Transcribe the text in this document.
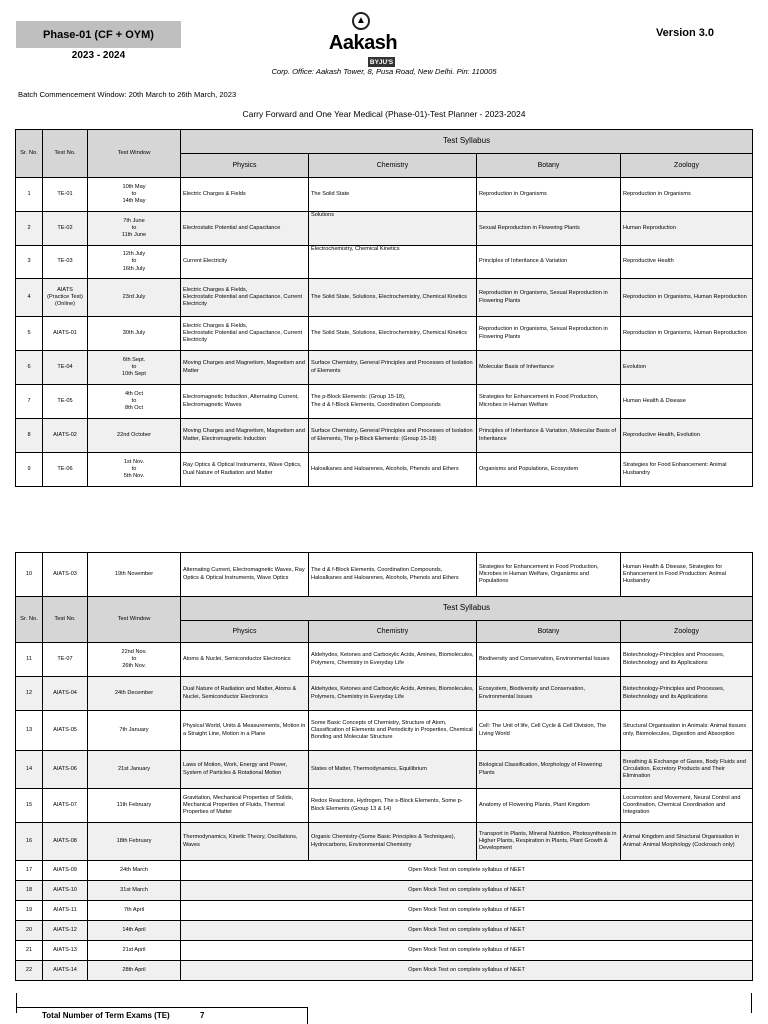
Phase-01 (CF + OYM)
2023 - 2024
Version 3.0
▲
Aakash
BYJU'S
Corp. Office: Aakash Tower, 8, Pusa Road, New Delhi. Pin: 110005
Batch Commencement Window: 20th March to 26th March, 2023
Carry Forward and One Year Medical (Phase-01)-Test Planner - 2023-2024
Sr. No.	Test No.	Test Window	Test Syllabus			
			Physics	Chemistry	Botany	Zoology

1	TE-01	10th May
to
14th May	Electric Charges & Fields	The Solid State	Reproduction in Organisms	Reproduction in Organisms

2	TE-02	7th June
to
11th June	Electrostatic Potential and Capacitance	Solutions	Sexual Reproduction in Flowering Plants	Human Reproduction

3	TE-03	12th July
to
16th July	Current Electricity	Electrochemistry, Chemical Kinetics	Principles of Inheritance & Variation	Reproductive Health

4	AIATS
(Practice Test)
(Online)	23rd July	Electric Charges & Fields,
Electrostatic Potential and Capacitance, Current Electricity	The Solid State, Solutions, Electrochemistry, Chemical Kinetics	Reproduction in Organisms, Sexual Reproduction in Flowering Plants	Reproduction in Organisms, Human Reproduction

5	AIATS-01	30th July	Electric Charges & Fields,
Electrostatic Potential and Capacitance, Current Electricity	The Solid State, Solutions, Electrochemistry, Chemical Kinetics	Reproduction in Organisms, Sexual Reproduction in Flowering Plants	Reproduction in Organisms, Human Reproduction

6	TE-04	6th Sept.
to
10th Sept	Moving Charges and Magnetism, Magnetism and Matter	Surface Chemistry, General Principles and Processes of Isolation of Elements	Molecular Basis of Inheritance	Evolution

7	TE-05	4th Oct
to
8th Oct	Electromagnetic Induction, Alternating Current, Electromagnetic Waves	The p-Block Elements: (Group 15-18),
The d & f-Block Elements, Coordination Compounds	Strategies for Enhancement in Food Production, Microbes in Human Welfare	Human Health & Disease

8	AIATS-02	22nd October	Moving Charges and Magnetism, Magnetism and Matter, Electromagnetic Induction	Surface Chemistry, General Principles and Processes of Isolation of Elements, The p-Block Elements: (Group 15-18)	Principles of Inheritance & Variation, Molecular Basis of Inheritance	Reproductive Health, Evolution

9	TE-06	1st Nov.
to
5th Nov.	Ray Optics & Optical Instruments, Wave Optics, Dual Nature of Radiation and Matter	Haloalkanes and Haloarenes, Alcohols, Phenols and Ethers	Organisms and Populations, Ecosystem	Strategies for Food Enhancement: Animal Husbandry
10	AIATS-03	19th November	Alternating Current, Electromagnetic Waves, Ray Optics & Optical Instruments, Wave Optics	The d & f-Block Elements, Coordination Compounds, Haloalkanes and Haloarenes, Alcohols, Phenols and Ethers	Strategies for Enhancement in Food Production, Microbes in Human Welfare, Organisms and Populations	Human Health & Disease, Strategies for Enhancement in Food Production: Animal Husbandry

Sr. No.	Test No.	Test Window	Test Syllabus			
			Physics	Chemistry	Botany	Zoology

11	TE-07	22nd Nov.
to
26th Nov.	Atoms & Nuclei, Semiconductor Electronics	Aldehydes, Ketones and Carboxylic Acids, Amines, Biomolecules, Polymers, Chemistry in Everyday Life	Biodiversity and Conservation, Environmental Issues	Biotechnology-Principles and Processes, Biotechnology and its Applications

12	AIATS-04	24th December	Dual Nature of Radiation and Matter, Atoms & Nuclei, Semiconductor Electronics	Aldehydes, Ketones and Carboxylic Acids, Amines, Biomolecules, Polymers, Chemistry in Everyday Life	Ecosystem, Biodiversity and Conservation, Environmental Issues	Biotechnology-Principles and Processes, Biotechnology and its Applications

13	AIATS-05	7th January	Physical World, Units & Measurements, Motion in a Straight Line, Motion in a Plane	Some Basic Concepts of Chemistry, Structure of Atom, Classification of Elements and Periodicity in Properties, Chemical Bonding and Molecular Structure	Cell: The Unit of life, Cell Cycle & Cell Division, The Living World	Structural Organisation in Animals: Animal tissues only, Biomolecules, Digestion and Absorption

14	AIATS-06	21st January	Laws of Motion, Work, Energy and Power, System of Particles & Rotational Motion	States of Matter, Thermodynamics, Equilibrium	Biological Classification, Morphology of Flowering Plants	Breathing & Exchange of Gases, Body Fluids and Circulation, Excretory Products and Their Elimination

15	AIATS-07	11th February	Gravitation, Mechanical Properties of Solids, Mechanical Properties of Fluids, Thermal Properties of Matter	Redox Reactions, Hydrogen, The s-Block Elements, Some p-Block Elements (Group 13 & 14)	Anatomy of Flowering Plants, Plant Kingdom	Locomotion and Movement, Neural Control and Coordination, Chemical Coordination and Integration

16	AIATS-08	18th February	Thermodynamics, Kinetic Theory, Oscillations, Waves	Organic Chemistry-(Some Basic Principles & Techniques), Hydrocarbons, Environmental Chemistry	Transport in Plants, Mineral Nutrition, Photosynthesis in Higher Plants, Respiration in Plants, Plant Growth & Development	Animal Kingdom and Structural Organisation in Animal: Animal Morphology (Cockroach only)

17	AIATS-09	24th March	Open Mock Test on complete syllabus of NEET			
18	AIATS-10	31st March	Open Mock Test on complete syllabus of NEET			
19	AIATS-11	7th April	Open Mock Test on complete syllabus of NEET			
20	AIATS-12	14th April	Open Mock Test on complete syllabus of NEET			
21	AIATS-13	21st April	Open Mock Test on complete syllabus of NEET			
22	AIATS-14	28th April	Open Mock Test on complete syllabus of NEET			
Total Number of Term Exams (TE)	7
